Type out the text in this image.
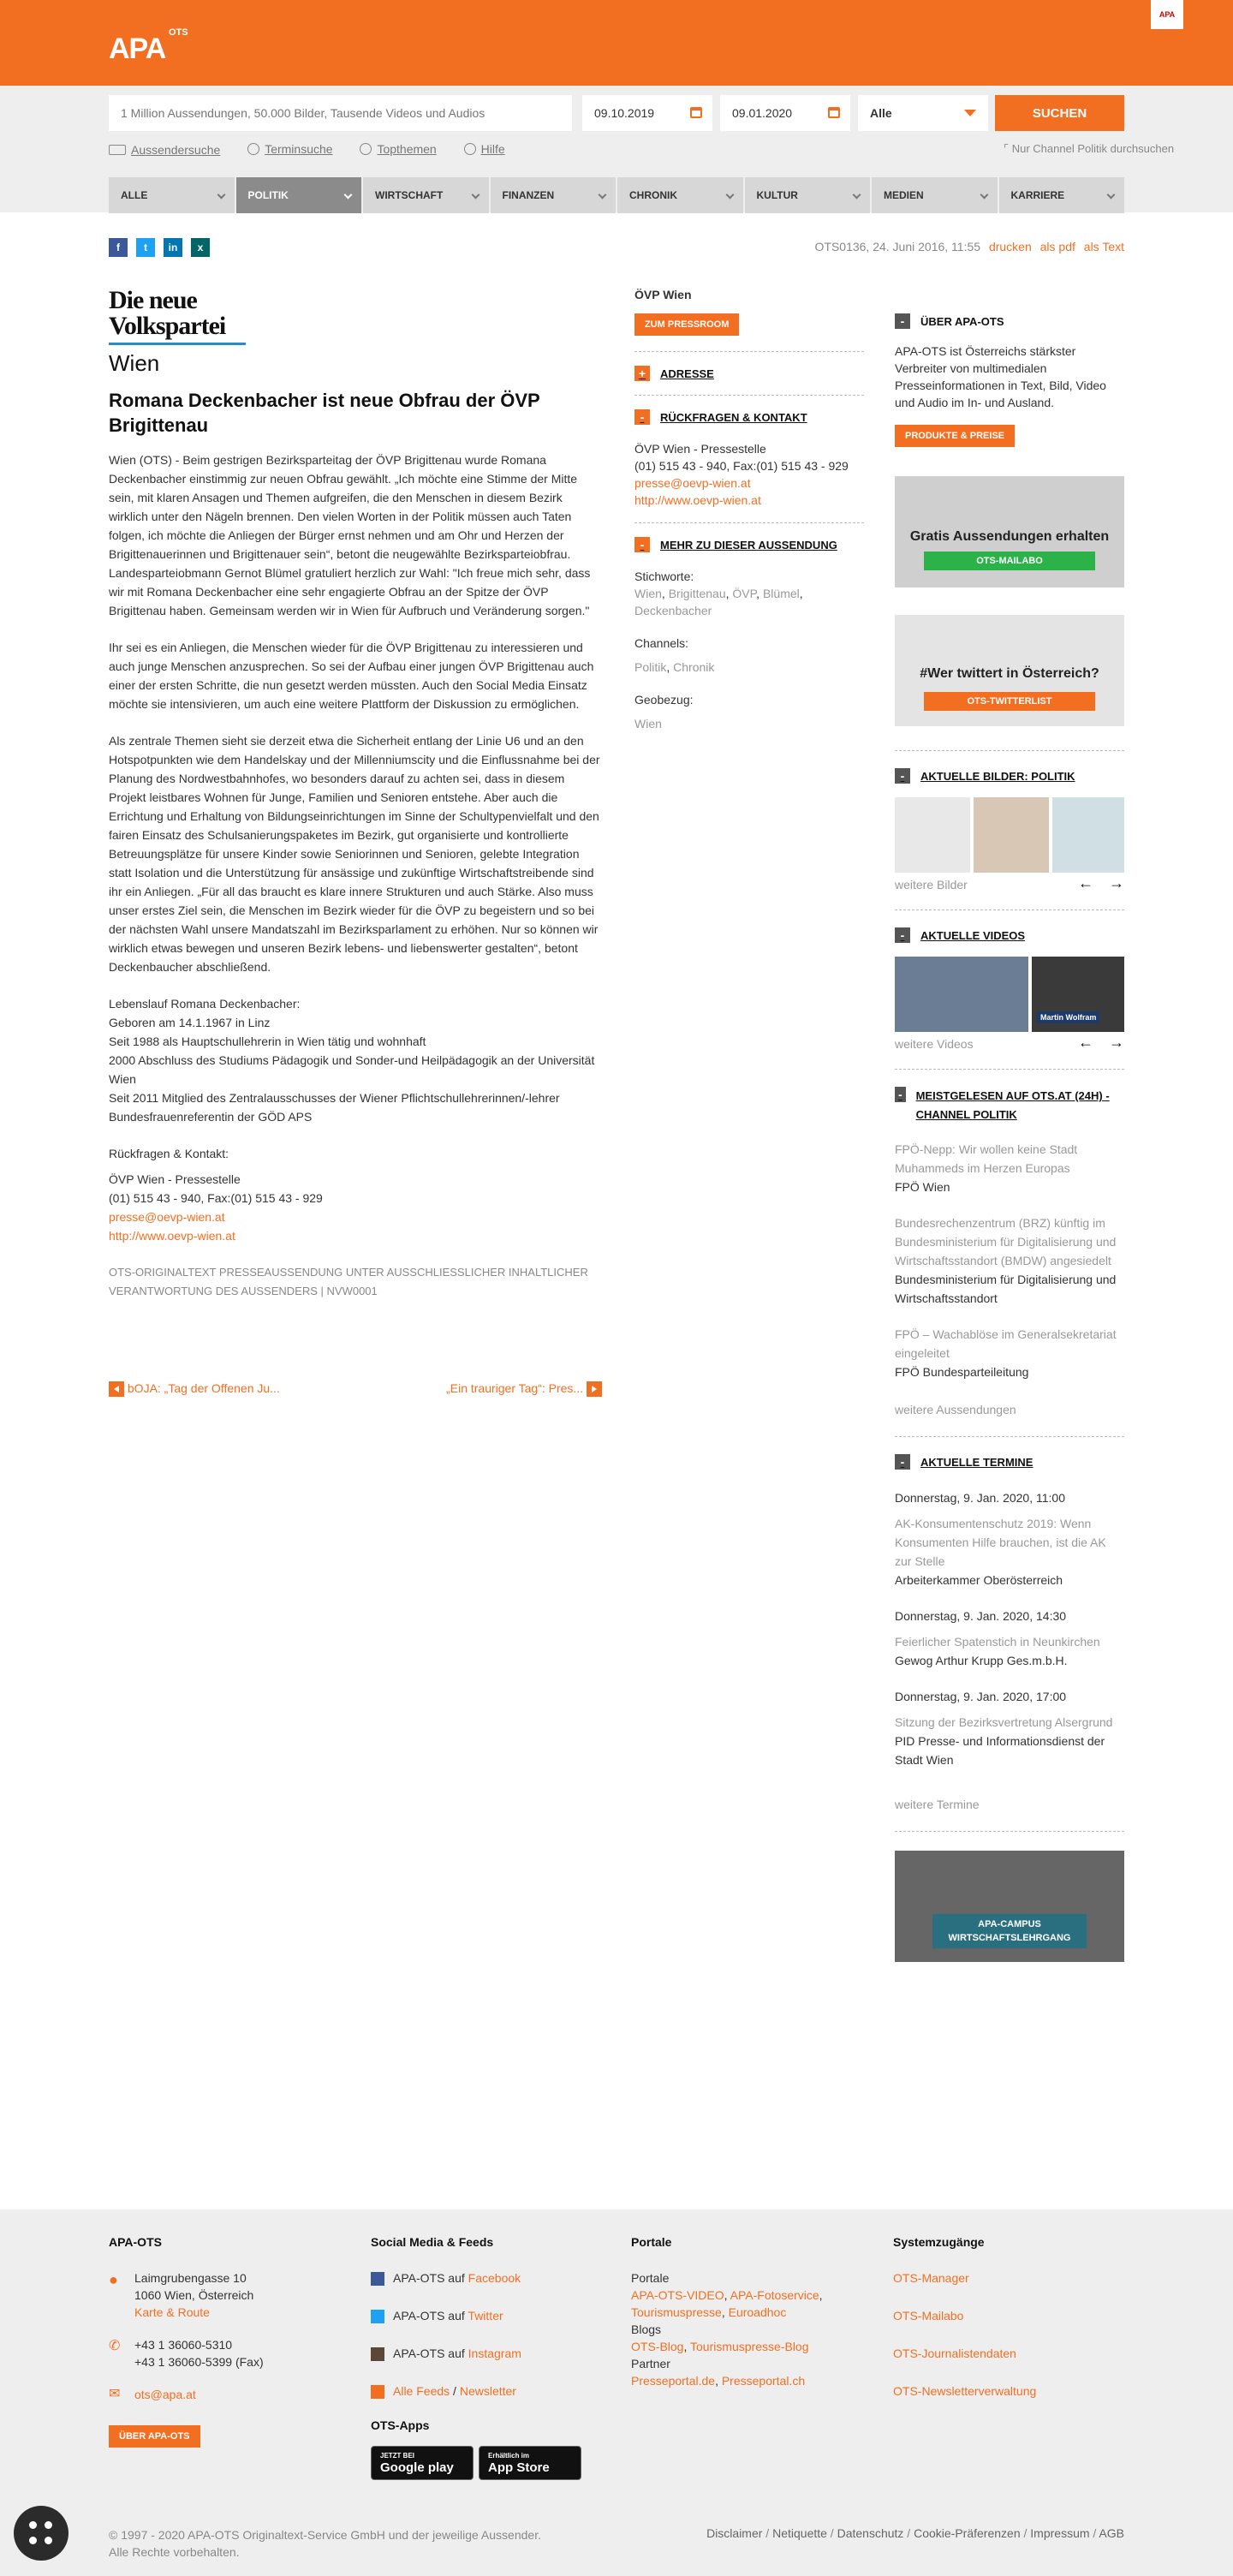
APA OTS
APA
1 Million Aussendungen, 50.000 Bilder, Tausende Videos und Audios
09.10.2019	09.01.2020	Alle	SUCHEN
Aussendersuche
	Terminsuche
	Topthemen
	Hilfe	⌜ Nur Channel Politik durchsuchen
ALLE	POLITIK	WIRTSCHAFT	FINANZEN	CHRONIK	KULTUR	MEDIEN	KARRIERE
f	t	in	x	OTS0136, 24. Juni 2016, 11:55 drucken als pdf als Text
Die neue
Volkspartei
Wien
Romana Deckenbacher ist neue Obfrau der ÖVP Brigittenau

Wien (OTS) - Beim gestrigen Bezirksparteitag der ÖVP Brigittenau wurde Romana Deckenbacher einstimmig zur neuen Obfrau gewählt. „Ich möchte eine Stimme der Mitte sein, mit klaren Ansagen und Themen aufgreifen, die den Menschen in diesem Bezirk wirklich unter den Nägeln brennen. Den vielen Worten in der Politik müssen auch Taten folgen, ich möchte die Anliegen der Bürger ernst nehmen und am Ohr und Herzen der Brigittenauerinnen und Brigittenauer sein“, betont die neugewählte Bezirksparteiobfrau. Landesparteiobmann Gernot Blümel gratuliert herzlich zur Wahl: "Ich freue mich sehr, dass wir mit Romana Deckenbacher eine sehr engagierte Obfrau an der Spitze der ÖVP Brigittenau haben. Gemeinsam werden wir in Wien für Aufbruch und Veränderung sorgen."

Ihr sei es ein Anliegen, die Menschen wieder für die ÖVP Brigittenau zu interessieren und auch junge Menschen anzusprechen. So sei der Aufbau einer jungen ÖVP Brigittenau auch einer der ersten Schritte, die nun gesetzt werden müssten. Auch den Social Media Einsatz möchte sie intensivieren, um auch eine weitere Plattform der Diskussion zu ermöglichen.

Als zentrale Themen sieht sie derzeit etwa die Sicherheit entlang der Linie U6 und an den Hotspotpunkten wie dem Handelskay und der Millenniumscity und die Einflussnahme bei der Planung des Nordwestbahnhofes, wo besonders darauf zu achten sei, dass in diesem Projekt leistbares Wohnen für Junge, Familien und Senioren entstehe. Aber auch die Errichtung und Erhaltung von Bildungseinrichtungen im Sinne der Schultypenvielfalt und den fairen Einsatz des Schulsanierungspaketes im Bezirk, gut organisierte und kontrollierte Betreuungsplätze für unsere Kinder sowie Seniorinnen und Senioren, gelebte Integration statt Isolation und die Unterstützung für ansässige und zukünftige Wirtschaftstreibende sind ihr ein Anliegen. „Für all das braucht es klare innere Strukturen und auch Stärke. Also muss unser erstes Ziel sein, die Menschen im Bezirk wieder für die ÖVP zu begeistern und so bei der nächsten Wahl unsere Mandatszahl im Bezirksparlament zu erhöhen. Nur so können wir wirklich etwas bewegen und unseren Bezirk lebens- und liebenswerter gestalten“, betont Deckenbaucher abschließend.

Lebenslauf Romana Deckenbacher:
Geboren am 14.1.1967 in Linz
Seit 1988 als Hauptschullehrerin in Wien tätig und wohnhaft
2000 Abschluss des Studiums Pädagogik und Sonder-und Heilpädagogik an der Universität Wien
Seit 2011 Mitglied des Zentralausschusses der Wiener Pflichtschullehrerinnen/-lehrer Bundesfrauenreferentin der GÖD APS

Rückfragen & Kontakt:

ÖVP Wien - Pressestelle
(01) 515 43 - 940, Fax:(01) 515 43 - 929
presse@oevp-wien.at
http://www.oevp-wien.at

OTS-ORIGINALTEXT PRESSEAUSSENDUNG UNTER AUSSCHLIESSLICHER INHALTLICHER VERANTWORTUNG DES AUSSENDERS | NVW0001

bOJA: „Tag der Offenen Ju...	„Ein trauriger Tag“: Pres...
ÖVP Wien
ZUM PRESSROOM
+	ADRESSE
-	RÜCKFRAGEN & KONTAKT
ÖVP Wien - Pressestelle
(01) 515 43 - 940, Fax:(01) 515 43 - 929
presse@oevp-wien.at
http://www.oevp-wien.at
-	MEHR ZU DIESER AUSSENDUNG
Stichworte:
Wien, Brigittenau, ÖVP, Blümel, Deckenbacher
Channels:
Politik, Chronik
Geobezug:
Wien
-	ÜBER APA-OTS

APA-OTS ist Österreichs stärkster Verbreiter von multimedialen Presseinformationen in Text, Bild, Video und Audio im In- und Ausland.

PRODUKTE & PREISE
Gratis Aussendungen erhalten
OTS-MAILABO
#Wer twittert in Österreich?
OTS-TWITTERLIST
-	AKTUELLE BILDER: POLITIK
weitere Bilder	← →
-	AKTUELLE VIDEOS
Martin Wolfram
weitere Videos	← →
-	MEISTGELESEN AUF OTS.AT (24H) - CHANNEL POLITIK
FPÖ-Nepp: Wir wollen keine Stadt Muhammeds im Herzen Europas
FPÖ Wien
Bundesrechenzentrum (BRZ) künftig im Bundesministerium für Digitalisierung und Wirtschaftsstandort (BMDW) angesiedelt
Bundesministerium für Digitalisierung und Wirtschaftsstandort
FPÖ – Wachablöse im Generalsekretariat eingeleitet
FPÖ Bundesparteileitung
weitere Aussendungen
-	AKTUELLE TERMINE
Donnerstag, 9. Jan. 2020, 11:00
AK-Konsumentenschutz 2019: Wenn Konsumenten Hilfe brauchen, ist die AK zur Stelle
Arbeiterkammer Oberösterreich
Donnerstag, 9. Jan. 2020, 14:30
Feierlicher Spatenstich in Neunkirchen
Gewog Arthur Krupp Ges.m.b.H.
Donnerstag, 9. Jan. 2020, 17:00
Sitzung der Bezirksvertretung Alsergrund
PID Presse- und Informationsdienst der Stadt Wien
weitere Termine
APA-CAMPUS WIRTSCHAFTSLEHRGANG
APA-OTS
● Laimgrubengasse 10
1060 Wien, Österreich
Karte & Route
✆ +43 1 36060-5310
+43 1 36060-5399 (Fax)
✉ ots@apa.at
ÜBER APA-OTS
Social Media & Feeds
APA-OTS auf Facebook
APA-OTS auf Twitter
APA-OTS auf Instagram
Alle Feeds / Newsletter
OTS-Apps
JETZT BEI
Google play
Erhältlich im
App Store
Portale
Portale
APA-OTS-VIDEO, APA-Fotoservice,
Tourismuspresse, Euroadhoc
Blogs
OTS-Blog, Tourismuspresse-Blog
Partner
Presseportal.de, Presseportal.ch
Systemzugänge
OTS-Manager
OTS-Mailabo
OTS-Journalistendaten
OTS-Newsletterverwaltung
© 1997 - 2020 APA-OTS Originaltext-Service GmbH und der jeweilige Aussender.
Alle Rechte vorbehalten.
Disclaimer / Netiquette / Datenschutz / Cookie-Präferenzen / Impressum / AGB
